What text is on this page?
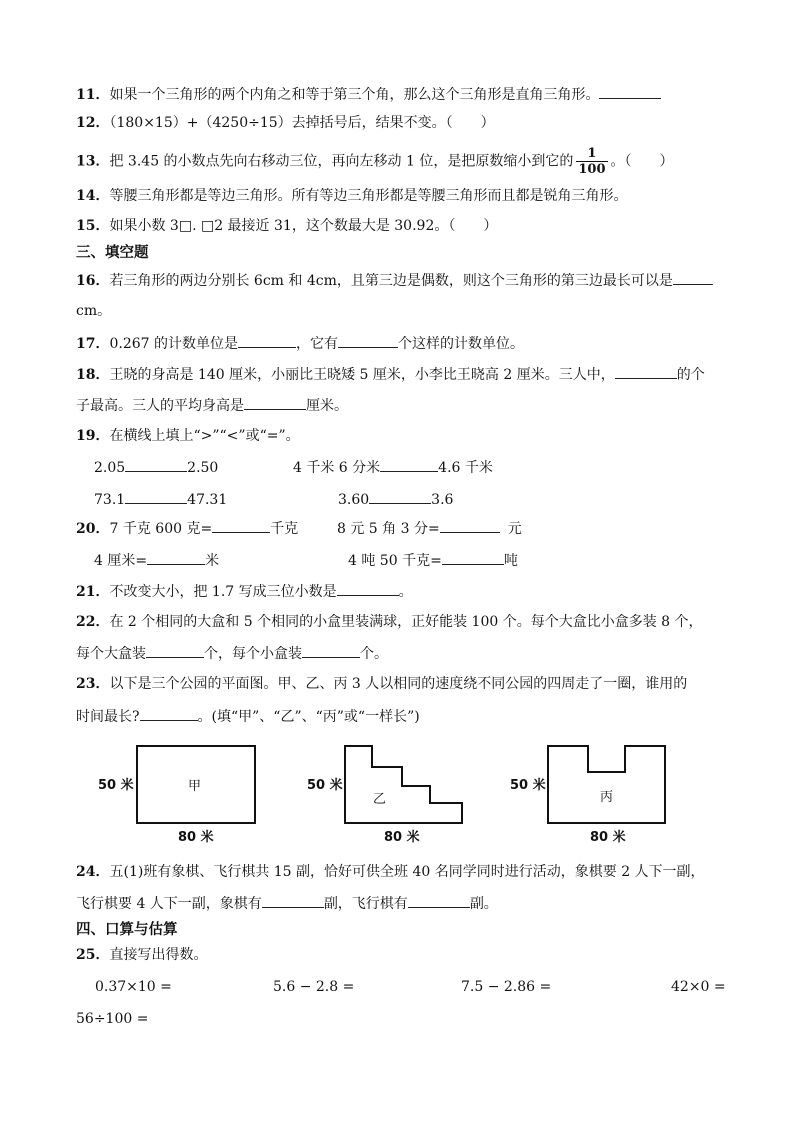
11．如果一个三角形的两个内角之和等于第三个角，那么这个三角形是直角三角形。
12．（180×15）+（4250÷15）去掉括号后，结果不变。（　　）
13．把 3.45 的小数点先向右移动三位，再向左移动 1 位，是把原数缩小到它的 $\frac{1}{100}$ 。（　　）
14．等腰三角形都是等边三角形。所有等边三角形都是等腰三角形而且都是锐角三角形。
15．如果小数 3□. □2 最接近 31，这个数最大是 30.92。（　　）
三、填空题
16．若三角形的两边分别长 6cm 和 4cm，且第三边是偶数，则这个三角形的第三边最长可以是
cm。
17．0.267 的计数单位是	，它有	个这样的计数单位。
18．王晓的身高是 140 厘米，小丽比王晓矮 5 厘米，小李比王晓高 2 厘米。三人中，	的个
子最高。三人的平均身高是	厘米。
19．在横线上填上“>”“<”或“=”。
2.05	2.50	4 千米 6 分米	4.6 千米
73.1	47.31	3.60	3.6
20．7 千克 600 克=	千克	8 元 5 角 3 分=	元
4 厘米=	米	4 吨 50 千克=	吨
21．不改变大小，把 1.7 写成三位小数是	。
22．在 2 个相同的大盒和 5 个相同的小盒里装满球，正好能装 100 个。每个大盒比小盒多装 8 个，
每个大盒装	个，每个小盒装	个。
23．以下是三个公园的平面图。甲、乙、丙 3 人以相同的速度绕不同公园的四周走了一圈，谁用的
时间最长?	。(填“甲”、“乙”、“丙”或“一样长”)
50 米	甲
80 米
50 米
乙
80 米
50 米
丙
80 米
24．五(1)班有象棋、飞行棋共 15 副，恰好可供全班 40 名同学同时进行活动，象棋要 2 人下一副，
飞行棋要 4 人下一副，象棋有	副，飞行棋有	副。
四、口算与估算
25．直接写出得数。
0.37×10 =	5.6 − 2.8 =	7.5 − 2.86 =	42×0 =
56÷100 =
